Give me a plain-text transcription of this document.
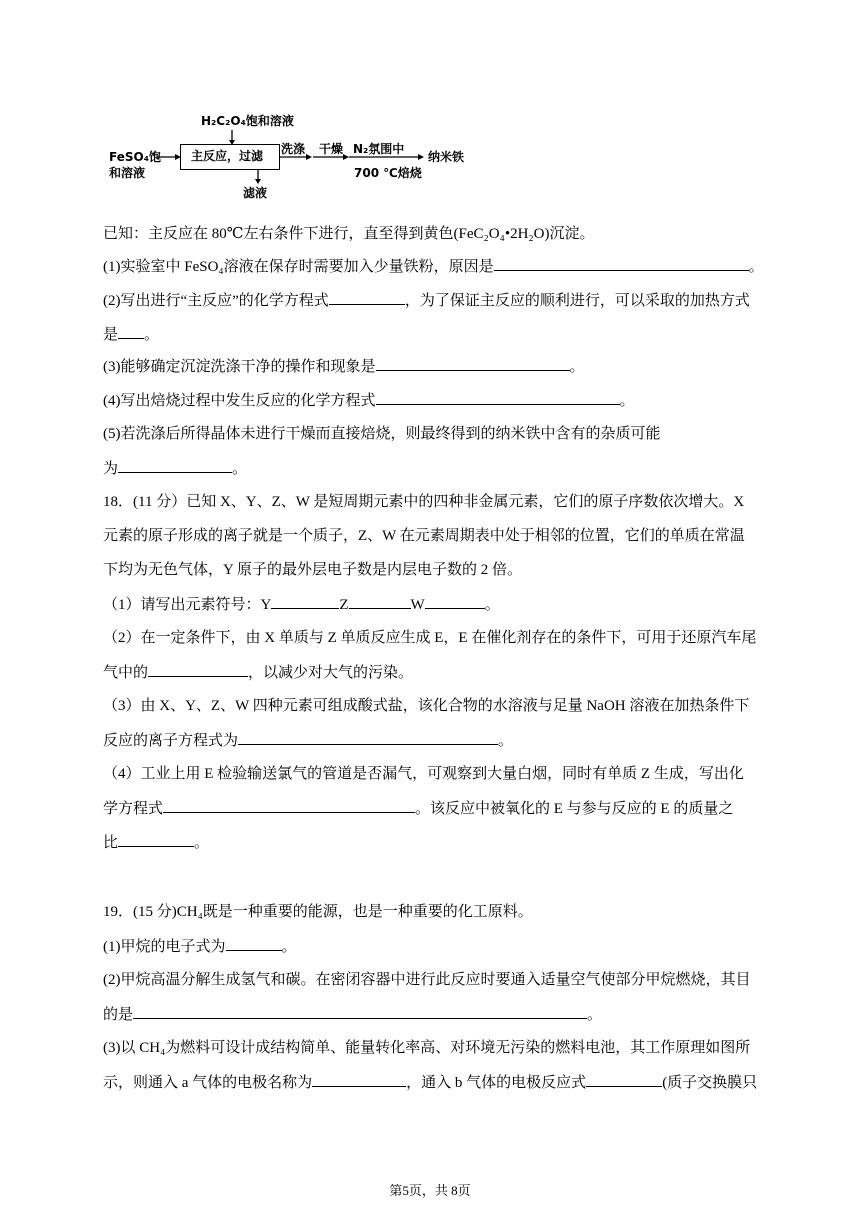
H₂C₂O₄饱和溶液
FeSO₄饱
和溶液
主反应，过滤
滤液
洗涤 干燥 N₂氛围中
700 ℃焙烧
纳米铁
已知：主反应在 80℃左右条件下进行，直至得到黄色(FeC₂O₄•2H₂O)沉淀。
(1)实验室中 FeSO₄溶液在保存时需要加入少量铁粉，原因是	。
(2)写出进行“主反应”的化学方程式	，为了保证主反应的顺利进行，可以采取的加热方式
是 。
(3)能够确定沉淀洗涤干净的操作和现象是	。
(4)写出焙烧过程中发生反应的化学方程式	。
(5)若洗涤后所得晶体未进行干燥而直接焙烧，则最终得到的纳米铁中含有的杂质可能
为	。
18．(11 分）已知 X、Y、Z、W 是短周期元素中的四种非金属元素，它们的原子序数依次增大。X
元素的原子形成的离子就是一个质子，Z、W 在元素周期表中处于相邻的位置，它们的单质在常温
下均为无色气体，Y 原子的最外层电子数是内层电子数的 2 倍。
（1）请写出元素符号：Y	Z	W	。
（2）在一定条件下，由 X 单质与 Z 单质反应生成 E，E 在催化剂存在的条件下，可用于还原汽车尾
气中的	，以减少对大气的污染。
（3）由 X、Y、Z、W 四种元素可组成酸式盐，该化合物的水溶液与足量 NaOH 溶液在加热条件下
反应的离子方程式为	。
（4）工业上用 E 检验输送氯气的管道是否漏气，可观察到大量白烟，同时有单质 Z 生成，写出化
学方程式	。该反应中被氧化的 E 与参与反应的 E 的质量之
比	。
19．(15 分)CH₄既是一种重要的能源，也是一种重要的化工原料。
(1)甲烷的电子式为	。
(2)甲烷高温分解生成氢气和碳。在密闭容器中进行此反应时要通入适量空气使部分甲烷燃烧，其目
的是	。
(3)以 CH₄为燃料可设计成结构简单、能量转化率高、对环境无污染的燃料电池，其工作原理如图所
示，则通入 a 气体的电极名称为	，通入 b 气体的电极反应式	(质子交换膜只
第5页，共 8页
